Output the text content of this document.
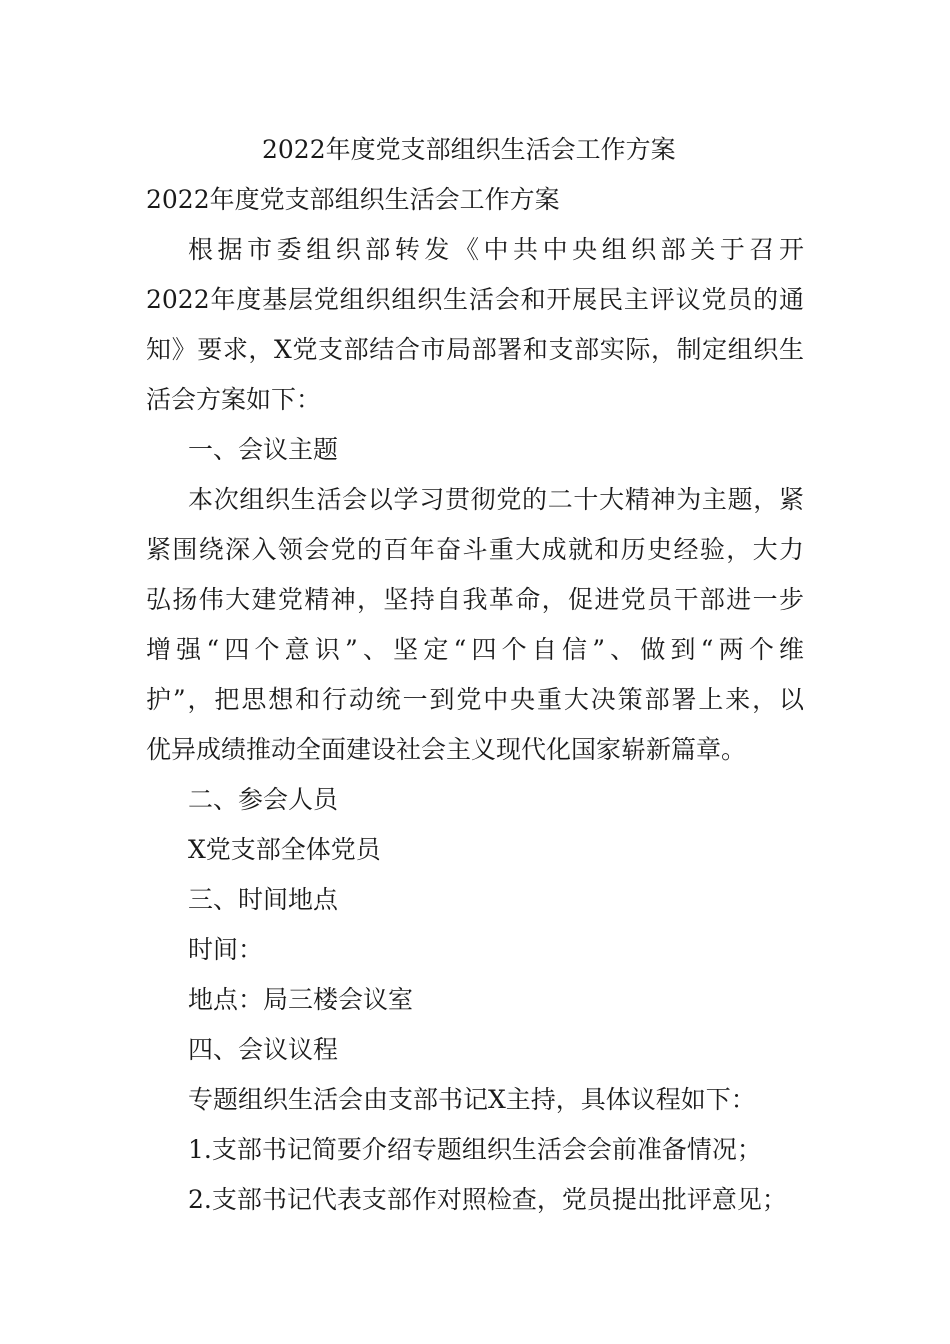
2022年度党支部组织生活会工作方案
2022年度党支部组织生活会工作方案
根据市委组织部转发《中共中央组织部关于召开
2022年度基层党组织组织生活会和开展民主评议党员的通
知》要求，X党支部结合市局部署和支部实际，制定组织生
活会方案如下：
一、会议主题
本次组织生活会以学习贯彻党的二十大精神为主题，紧
紧围绕深入领会党的百年奋斗重大成就和历史经验，大力
弘扬伟大建党精神，坚持自我革命，促进党员干部进一步
增强“四个意识”、坚定“四个自信”、做到“两个维
护”，把思想和行动统一到党中央重大决策部署上来，以
优异成绩推动全面建设社会主义现代化国家崭新篇章。
二、参会人员
X党支部全体党员
三、时间地点
时间：
地点：局三楼会议室
四、会议议程
专题组织生活会由支部书记X主持，具体议程如下：
1.支部书记简要介绍专题组织生活会会前准备情况；
2.支部书记代表支部作对照检查，党员提出批评意见；
